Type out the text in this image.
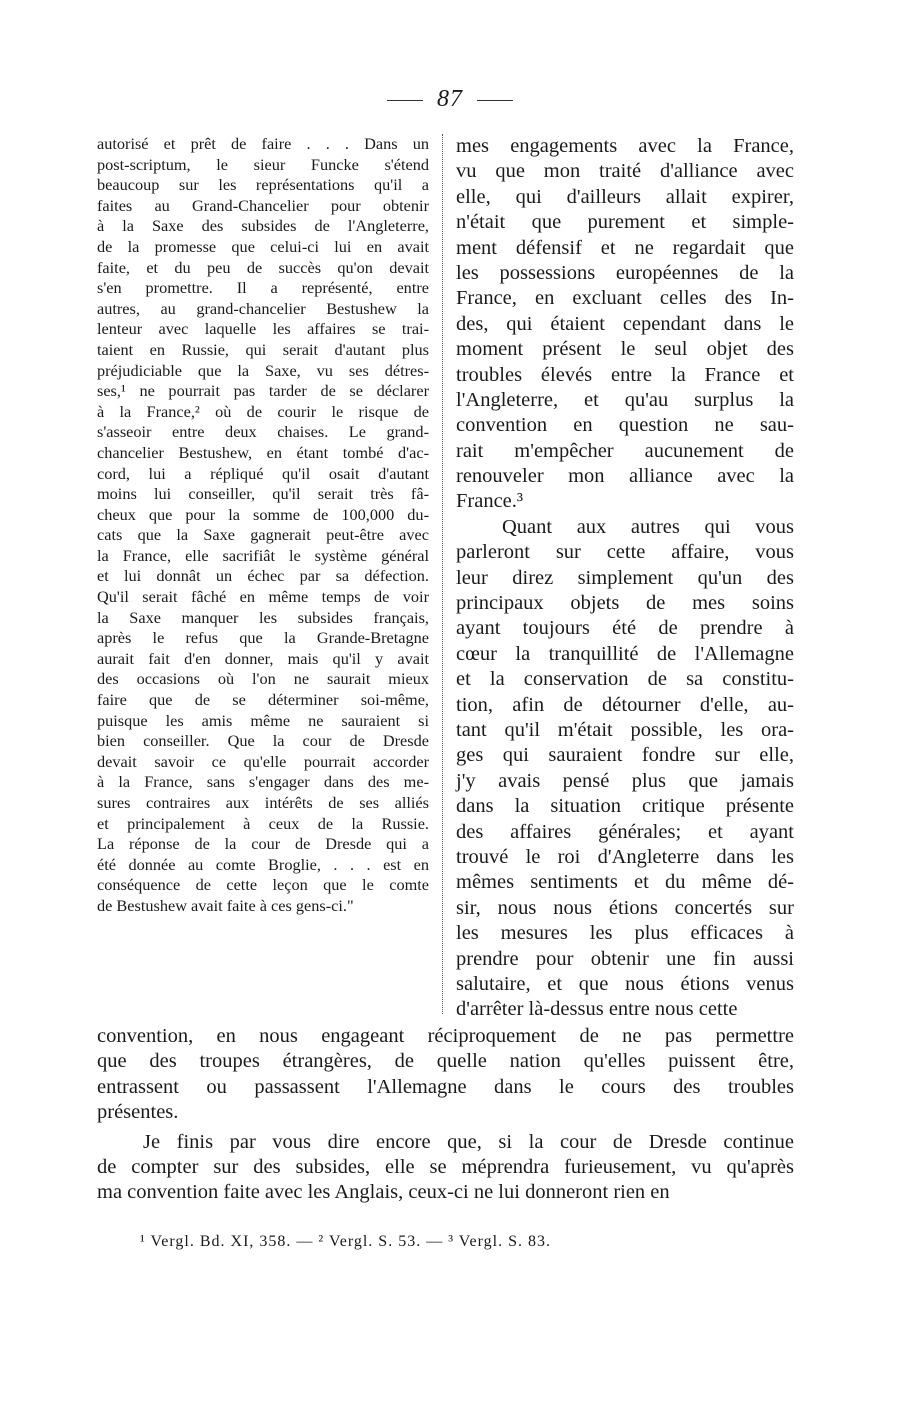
87
autorisé et prêt de faire . . . Dans un
post-scriptum, le sieur Funcke s'étend
beaucoup sur les représentations qu'il a
faites au Grand-Chancelier pour obtenir
à la Saxe des subsides de l'Angleterre,
de la promesse que celui-ci lui en avait
faite, et du peu de succès qu'on devait
s'en promettre. Il a représenté, entre
autres, au grand-chancelier Bestushew la
lenteur avec laquelle les affaires se trai-
taient en Russie, qui serait d'autant plus
préjudiciable que la Saxe, vu ses détres-
ses,¹ ne pourrait pas tarder de se déclarer
à la France,² où de courir le risque de
s'asseoir entre deux chaises. Le grand-
chancelier Bestushew, en étant tombé d'ac-
cord, lui a répliqué qu'il osait d'autant
moins lui conseiller, qu'il serait très fâ-
cheux que pour la somme de 100,000 du-
cats que la Saxe gagnerait peut-être avec
la France, elle sacrifiât le système général
et lui donnât un échec par sa défection.
Qu'il serait fâché en même temps de voir
la Saxe manquer les subsides français,
après le refus que la Grande-Bretagne
aurait fait d'en donner, mais qu'il y avait
des occasions où l'on ne saurait mieux
faire que de se déterminer soi-même,
puisque les amis même ne sauraient si
bien conseiller. Que la cour de Dresde
devait savoir ce qu'elle pourrait accorder
à la France, sans s'engager dans des me-
sures contraires aux intérêts de ses alliés
et principalement à ceux de la Russie.
La réponse de la cour de Dresde qui a
été donnée au comte Broglie, . . . est en
conséquence de cette leçon que le comte
de Bestushew avait faite à ces gens-ci."
mes engagements avec la France,
vu que mon traité d'alliance avec
elle, qui d'ailleurs allait expirer,
n'était que purement et simple-
ment défensif et ne regardait que
les possessions européennes de la
France, en excluant celles des In-
des, qui étaient cependant dans le
moment présent le seul objet des
troubles élevés entre la France et
l'Angleterre, et qu'au surplus la
convention en question ne sau-
rait m'empêcher aucunement de
renouveler mon alliance avec la
France.³
Quant aux autres qui vous
parleront sur cette affaire, vous
leur direz simplement qu'un des
principaux objets de mes soins
ayant toujours été de prendre à
cœur la tranquillité de l'Allemagne
et la conservation de sa constitu-
tion, afin de détourner d'elle, au-
tant qu'il m'était possible, les ora-
ges qui sauraient fondre sur elle,
j'y avais pensé plus que jamais
dans la situation critique présente
des affaires générales; et ayant
trouvé le roi d'Angleterre dans les
mêmes sentiments et du même dé-
sir, nous nous étions concertés sur
les mesures les plus efficaces à
prendre pour obtenir une fin aussi
salutaire, et que nous étions venus
d'arrêter là-dessus entre nous cette
convention, en nous engageant réciproquement de ne pas permettre
que des troupes étrangères, de quelle nation qu'elles puissent être,
entrassent ou passassent l'Allemagne dans le cours des troubles
présentes.
Je finis par vous dire encore que, si la cour de Dresde continue
de compter sur des subsides, elle se méprendra furieusement, vu qu'après
ma convention faite avec les Anglais, ceux-ci ne lui donneront rien en
¹ Vergl. Bd. XI, 358. — ² Vergl. S. 53. — ³ Vergl. S. 83.
